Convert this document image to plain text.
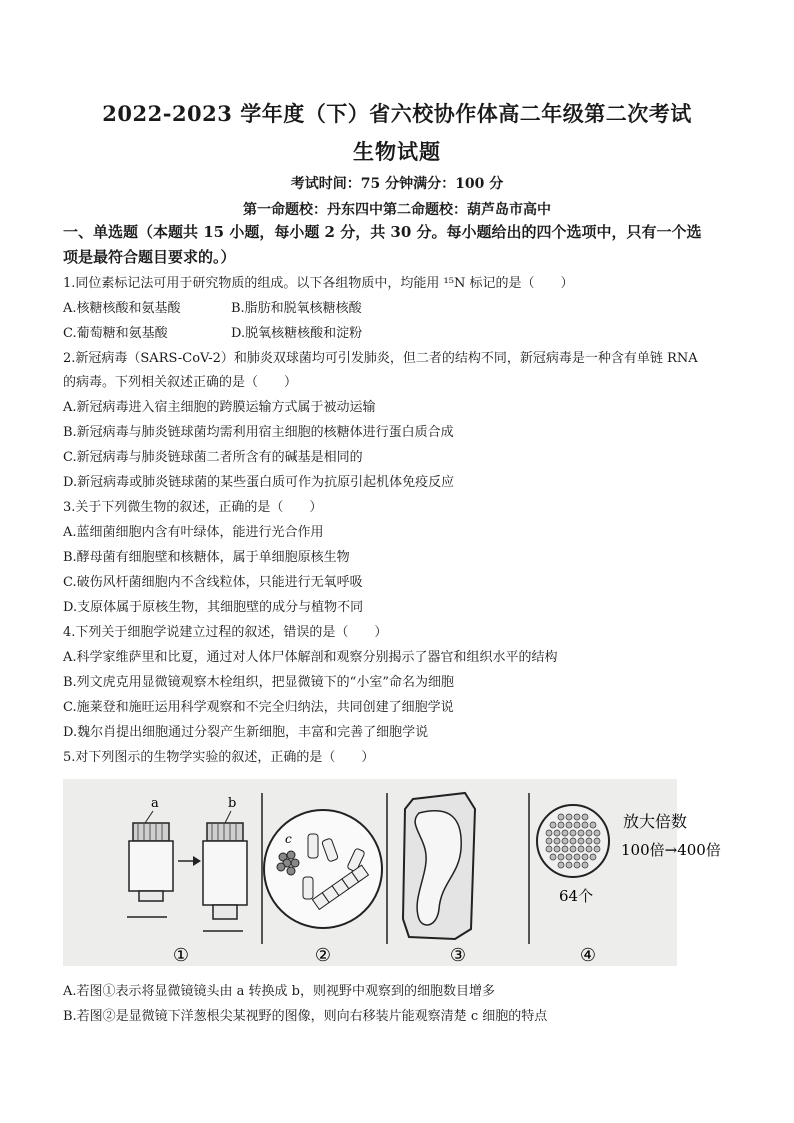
2022-2023 学年度（下）省六校协作体高二年级第二次考试
生物试题
考试时间：75 分钟满分：100 分
第一命题校：丹东四中第二命题校：葫芦岛市高中
一、单选题（本题共 15 小题，每小题 2 分，共 30 分。每小题给出的四个选项中，只有一个选
项是最符合题目要求的。）
1.同位素标记法可用于研究物质的组成。以下各组物质中，均能用 ¹⁵N 标记的是（　　）
A.核糖核酸和氨基酸	B.脂肪和脱氧核糖核酸
C.葡萄糖和氨基酸	D.脱氧核糖核酸和淀粉
2.新冠病毒（SARS-CoV-2）和肺炎双球菌均可引发肺炎，但二者的结构不同，新冠病毒是一种含有单链 RNA
的病毒。下列相关叙述正确的是（　　）
A.新冠病毒进入宿主细胞的跨膜运输方式属于被动运输
B.新冠病毒与肺炎链球菌均需利用宿主细胞的核糖体进行蛋白质合成
C.新冠病毒与肺炎链球菌二者所含有的碱基是相同的
D.新冠病毒或肺炎链球菌的某些蛋白质可作为抗原引起机体免疫反应
3.关于下列微生物的叙述，正确的是（　　）
A.蓝细菌细胞内含有叶绿体，能进行光合作用
B.酵母菌有细胞壁和核糖体，属于单细胞原核生物
C.破伤风杆菌细胞内不含线粒体，只能进行无氧呼吸
D.支原体属于原核生物，其细胞壁的成分与植物不同
4.下列关于细胞学说建立过程的叙述，错误的是（　　）
A.科学家维萨里和比夏，通过对人体尸体解剖和观察分别揭示了器官和组织水平的结构
B.列文虎克用显微镜观察木栓组织，把显微镜下的“小室”命名为细胞
C.施莱登和施旺运用科学观察和不完全归纳法，共同创建了细胞学说
D.魏尔肖提出细胞通过分裂产生新细胞，丰富和完善了细胞学说
5.对下列图示的生物学实验的叙述，正确的是（　　）
a	b
①
c
②	③
64个
放大倍数
100倍→400倍
④
A.若图①表示将显微镜镜头由 a 转换成 b，则视野中观察到的细胞数目增多
B.若图②是显微镜下洋葱根尖某视野的图像，则向右移装片能观察清楚 c 细胞的特点
